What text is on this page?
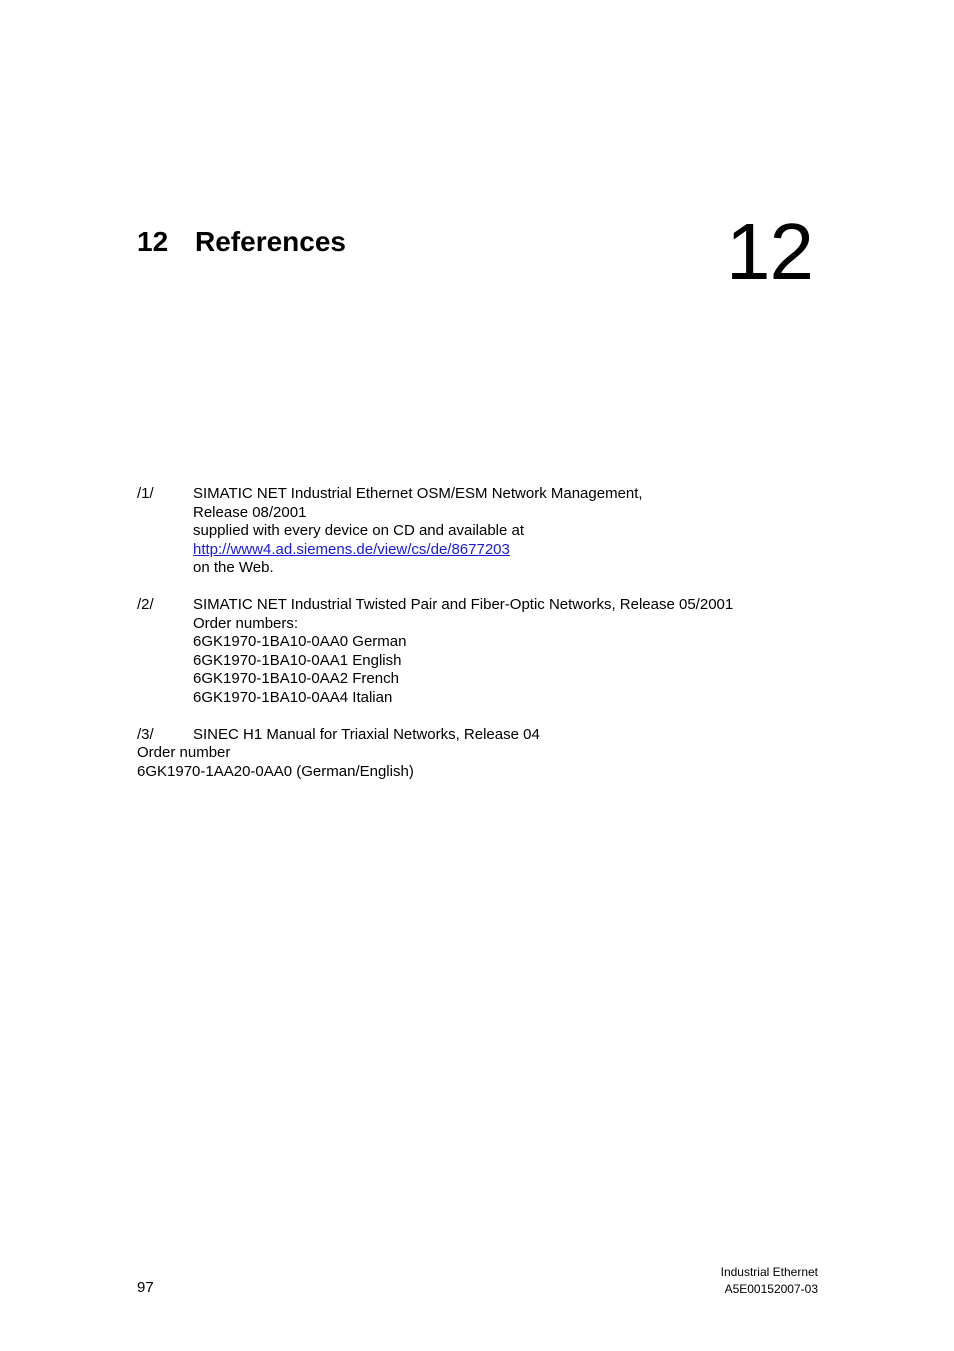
12 References	12
/1/	SIMATIC NET Industrial Ethernet OSM/ESM Network Management,
Release 08/2001
supplied with every device on CD and available at
http://www4.ad.siemens.de/view/cs/de/8677203
on the Web.
/2/	SIMATIC NET Industrial Twisted Pair and Fiber-Optic Networks, Release 05/2001
Order numbers:
6GK1970-1BA10-0AA0 German
6GK1970-1BA10-0AA1 English
6GK1970-1BA10-0AA2 French
6GK1970-1BA10-0AA4 Italian
/3/	SINEC H1 Manual for Triaxial Networks, Release 04
Order number
6GK1970-1AA20-0AA0 (German/English)
97
Industrial Ethernet
A5E00152007-03
